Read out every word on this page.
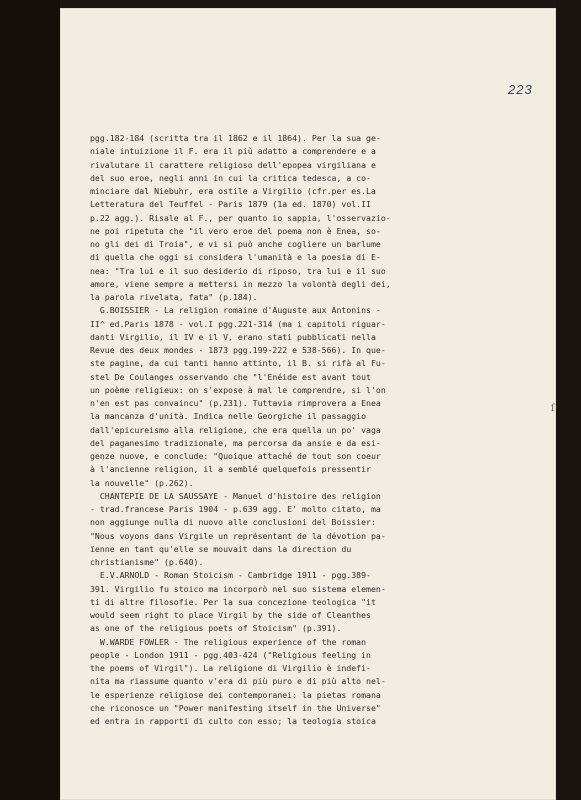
223
ſ
pgg.182-184 (scritta tra il 1862 e il 1864). Per la sua ge-
niale intuizione il F. era il più adatto a comprendere e a
rivalutare il carattere religioso dell'epopea virgiliana e
del suo eroe, negli anni in cui la critica tedesca, a co-
minciare dal Niebuhr, era ostile a Virgilio (cfr.per es.La
Letteratura del Teuffel - Paris 1879 (1a ed. 1870) vol.II
p.22 agg.). Risale al F., per quanto io sappia, l'osservazio-
ne poi ripetuta che "il vero eroe del poema non è Enea, so-
no gli dei di Troia", e vi si può anche cogliere un barlume
di quella che oggi si considera l'umanità e la poesia di E-
nea: "Tra lui e il suo desiderio di riposo, tra lui e il suo
amore, viene sempre a mettersi in mezzo la volontà degli dei,
la parola rivelata, fata" (p.184).
G.BOISSIER - La religion romaine d'Auguste aux Antonins -
II^ ed.Paris 1878 - vol.I pgg.221-314 (ma i capitoli riguar-
danti Virgilio, il IV e il V, erano stati pubblicati nella
Revue des deux mondes - 1873 pgg.199-222 e 538-566). In que-
ste pagine, da cui tanti hanno attinto, il B. si rifà al Fu-
stel De Coulanges osservando che "l'Enéide est avant tout
un poème religieux: on s'expose à mal le comprendre, si l'on
n'en est pas convaincu" (p.231). Tuttavia rimprovera a Enea
la mancanza d'unità. Indica nelle Georgiche il passaggio
dall'epicureismo alla religione, che era quella un po' vaga
del paganesimo tradizionale, ma percorsa da ansie e da esi-
genze nuove, e conclude: "Quoique attaché de tout son coeur
à l'ancienne religion, il a semblé quelquefois pressentir
la nouvelle" (p.262).
CHANTEPIE DE LA SAUSSAYE - Manuel d'histoire des religion
- trad.francese Paris 1904 - p.639 agg. E' molto citato, ma
non aggiunge nulla di nuovo alle conclusioni del Boissier:
"Nous voyons dans Virgile un représentant de la dévotion pa-
ïenne en tant qu'elle se mouvait dans la direction du
christianisme" (p.640).
E.V.ARNOLD - Roman Stoicism - Cambridge 1911 - pgg.389-
391. Virgilio fu stoico ma incorporò nel suo sistema elemen-
ti di altre filosofie. Per la sua concezione teologica "it
would seem right to place Virgil by the side of Cleanthes
as one of the religious poets of Stoicism" (p.391).
W.WARDE FOWLER - The religious experience of the roman
people - London 1911 - pgg.403-424 ("Religious feeling in
the poems of Virgil"). La religione di Virgilio è indefi-
nita ma riassume quanto v'era di più puro e di più alto nel-
le esperienze religiose dei contemporanei: la pietas romana
che riconosce un "Power manifesting itself in the Universe"
ed entra in rapporti di culto con esso; la teologia stoica
